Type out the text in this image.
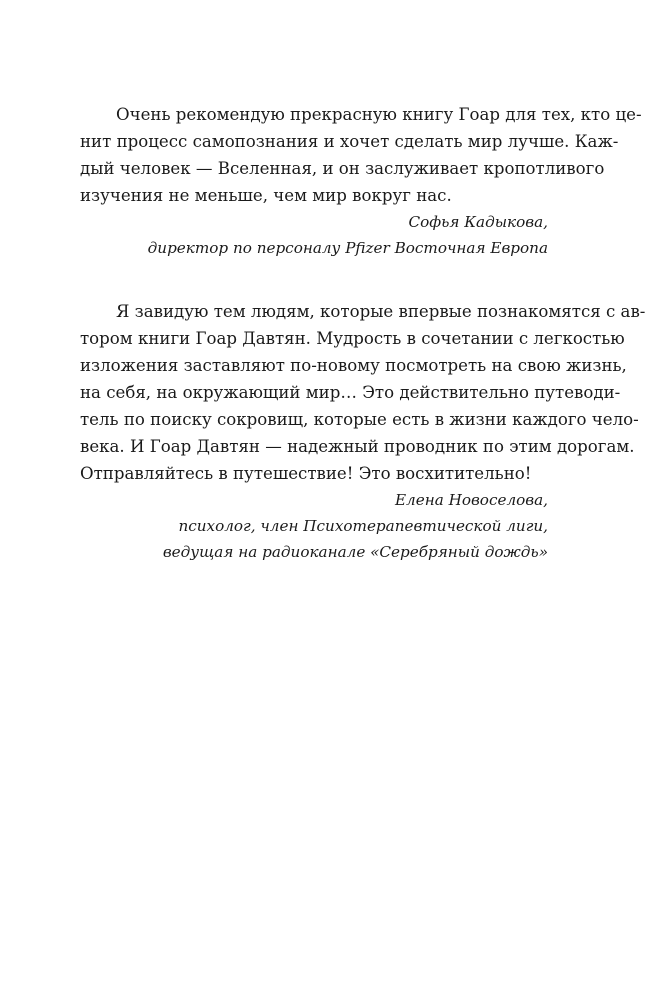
Очень рекомендую прекрасную книгу Гоар для тех, кто це-
нит процесс самопознания и хочет сделать мир лучше. Каж-
дый человек — Вселенная, и он заслуживает кропотливого
изучения не меньше, чем мир вокруг нас.
Софья Кадыкова,
директор по персоналу Pfizer Восточная Европа
Я завидую тем людям, которые впервые познакомятся с ав-
тором книги Гоар Давтян. Мудрость в сочетании с легкостью
изложения заставляют по-новому посмотреть на свою жизнь,
на себя, на окружающий мир… Это действительно путеводи-
тель по поиску сокровищ, которые есть в жизни каждого чело-
века. И Гоар Давтян — надежный проводник по этим дорогам.
Отправляйтесь в путешествие! Это восхитительно!
Елена Новоселова,
психолог, член Психотерапевтической лиги,
ведущая на радиоканале «Серебряный дождь»
